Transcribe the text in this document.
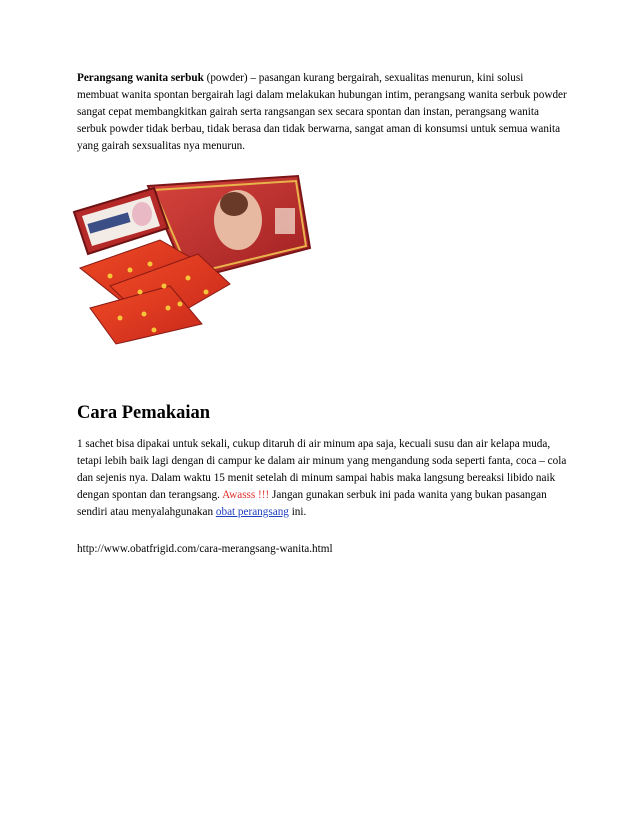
Perangsang wanita serbuk (powder) – pasangan kurang bergairah, sexualitas menurun, kini solusi membuat wanita spontan bergairah lagi dalam melakukan hubungan intim, perangsang wanita serbuk powder sangat cepat membangkitkan gairah serta rangsangan sex secara spontan dan instan, perangsang wanita serbuk powder tidak berbau, tidak berasa dan tidak berwarna, sangat aman di konsumsi untuk semua wanita yang gairah sexsualitas nya menurun.

Cara Pemakaian

1 sachet bisa dipakai untuk sekali, cukup ditaruh di air minum apa saja, kecuali susu dan air kelapa muda, tetapi lebih baik lagi dengan di campur ke dalam air minum yang mengandung soda seperti fanta, coca – cola dan sejenis nya. Dalam waktu 15 menit setelah di minum sampai habis maka langsung bereaksi libido naik dengan spontan dan terangsang. Awasss !!! Jangan gunakan serbuk ini pada wanita yang bukan pasangan sendiri atau menyalahgunakan obat perangsang ini.

http://www.obatfrigid.com/cara-merangsang-wanita.html
